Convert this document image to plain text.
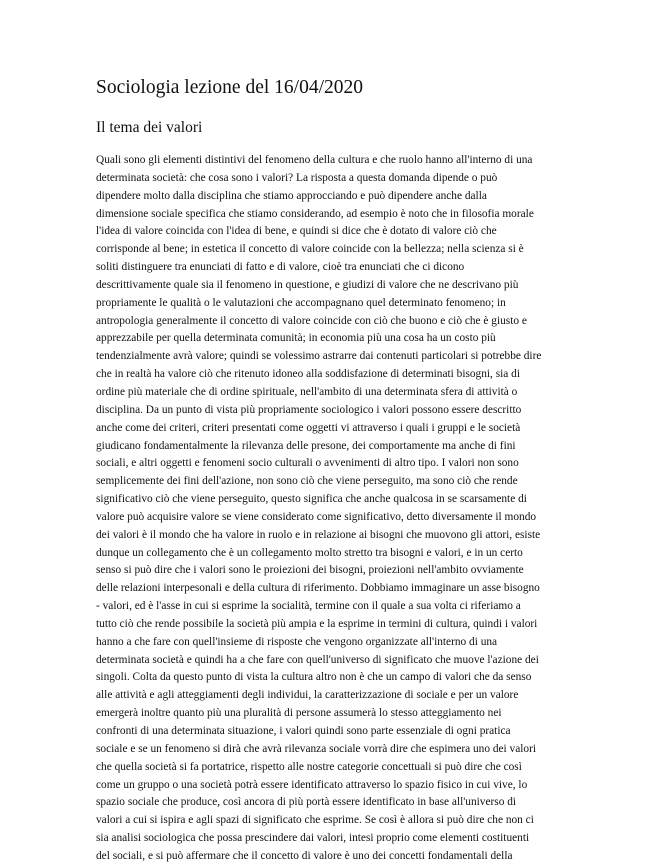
Sociologia lezione del 16/04/2020
Il tema dei valori
Quali sono gli elementi distintivi del fenomeno della cultura e che ruolo hanno all'interno di una
determinata società: che cosa sono i valori? La risposta a questa domanda dipende o può
dipendere molto dalla disciplina che stiamo approcciando e può dipendere anche dalla
dimensione sociale specifica che stiamo considerando, ad esempio è noto che in filosofia morale
l'idea di valore coincida con l'idea di bene, e quindi si dice che è dotato di valore ciò che
corrisponde al bene; in estetica il concetto di valore coincide con la bellezza; nella scienza si è
soliti distinguere tra enunciati di fatto e di valore, cioè tra enunciati che ci dicono
descrittivamente quale sia il fenomeno in questione, e giudizi di valore che ne descrivano più
propriamente le qualità o le valutazioni che accompagnano quel determinato fenomeno; in
antropologia generalmente il concetto di valore coincide con ciò che buono e ciò che è giusto e
apprezzabile per quella determinata comunità; in economia più una cosa ha un costo più
tendenzialmente avrà valore; quindi se volessimo astrarre dai contenuti particolari si potrebbe dire
che in realtà ha valore ciò che ritenuto idoneo alla soddisfazione di determinati bisogni, sia di
ordine più materiale che di ordine spirituale, nell'ambito di una determinata sfera di attività o
disciplina. Da un punto di vista più propriamente sociologico i valori possono essere descritto
anche come dei criteri, criteri presentati come oggetti vi attraverso i quali i gruppi e le società
giudicano fondamentalmente la rilevanza delle presone, dei comportamente ma anche di fini
sociali, e altri oggetti e fenomeni socio culturali o avvenimenti di altro tipo. I valori non sono
semplicemente dei fini dell'azione, non sono ciò che viene perseguito, ma sono ciò che rende
significativo ciò che viene perseguito, questo significa che anche qualcosa in se scarsamente di
valore può acquisire valore se viene considerato come significativo, detto diversamente il mondo
dei valori è il mondo che ha valore in ruolo e in relazione ai bisogni che muovono gli attori, esiste
dunque un collegamento che è un collegamento molto stretto tra bisogni e valori, e in un certo
senso si può dire che i valori sono le proiezioni dei bisogni, proiezioni nell'ambito ovviamente
delle relazioni interpesonali e della cultura di riferimento. Dobbiamo immaginare un asse bisogno
- valori, ed è l'asse in cui si esprime la socialità, termine con il quale a sua volta ci riferiamo a
tutto ciò che rende possibile la società più ampia e la esprime in termini di cultura, quindi i valori
hanno a che fare con quell'insieme di risposte che vengono organizzate all'interno di una
determinata società e quindi ha a che fare con quell'universo di significato che muove l'azione dei
singoli. Colta da questo punto di vista la cultura altro non è che un campo di valori che da senso
alle attività e agli atteggiamenti degli individui, la caratterizzazione di sociale e per un valore
emergerà inoltre quanto più una pluralità di persone assumerà lo stesso atteggiamento nei
confronti di una determinata situazione, i valori quindi sono parte essenziale di ogni pratica
sociale e se un fenomeno si dirà che avrà rilevanza sociale vorrà dire che espimera uno dei valori
che quella società si fa portatrice, rispetto alle nostre categorie concettuali si può dire che così
come un gruppo o una società potrà essere identificato attraverso lo spazio fisico in cui vive, lo
spazio sociale che produce, così ancora di più portà essere identificato in base all'universo di
valori a cui si ispira e agli spazi di significato che esprime. Se così è allora si può dire che non ci
sia analisi sociologica che possa prescindere dai valori, intesi proprio come elementi costituenti
del sociali, e si può affermare che il concetto di valore è uno dei concetti fondamentali della
